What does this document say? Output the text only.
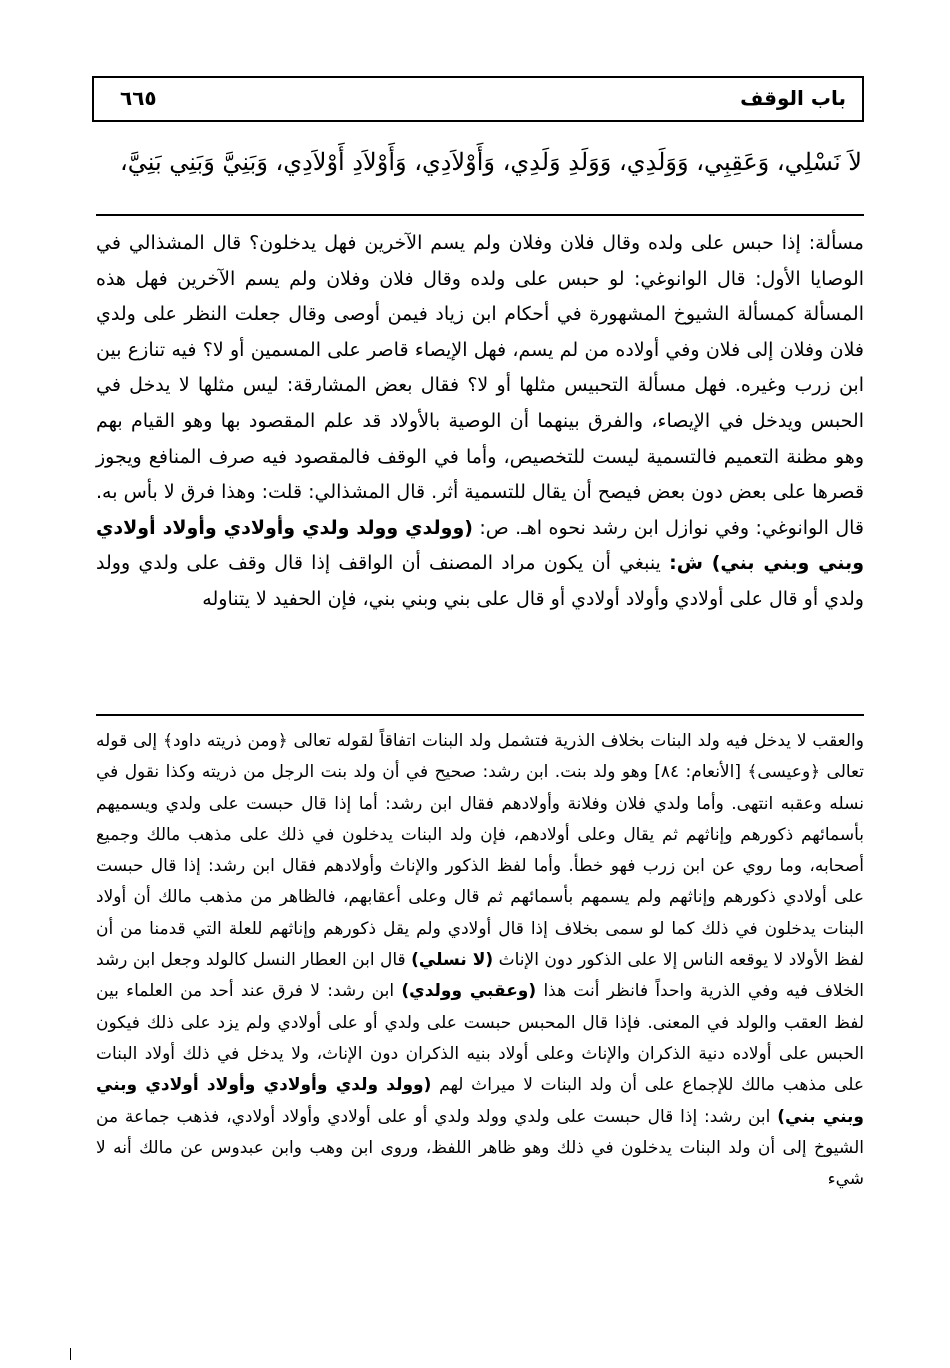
باب الوقف
٦٦٥
لاَ نَسْلِي، وَعَقِبِي، وَوَلَدِي، وَوَلَدِ وَلَدِي، وَأَوْلاَدِي، وَأَوْلاَدِ أَوْلاَدِي، وَبَنِيَّ وَبَنِي بَنِيَّ،
مسألة: إذا حبس على ولده وقال فلان وفلان ولم يسم الآخرين فهل يدخلون؟ قال المشذالي في الوصايا الأول: قال الوانوغي: لو حبس على ولده وقال فلان وفلان ولم يسم الآخرين فهل هذه المسألة كمسألة الشيوخ المشهورة في أحكام ابن زياد فيمن أوصى وقال جعلت النظر على ولدي فلان وفلان إلى فلان وفي أولاده من لم يسم، فهل الإيصاء قاصر على المسمين أو لا؟ فيه تنازع بين ابن زرب وغيره. فهل مسألة التحبيس مثلها أو لا؟ فقال بعض المشارقة: ليس مثلها لا يدخل في الحبس ويدخل في الإيصاء، والفرق بينهما أن الوصية بالأولاد قد علم المقصود بها وهو القيام بهم وهو مظنة التعميم فالتسمية ليست للتخصيص، وأما في الوقف فالمقصود فيه صرف المنافع ويجوز قصرها على بعض دون بعض فيصح أن يقال للتسمية أثر. قال المشذالي: قلت: وهذا فرق لا بأس به. قال الوانوغي: وفي نوازل ابن رشد نحوه اهـ. ص: (وولدي وولد ولدي وأولادي وأولاد أولادي وبني وبني بني) ش: ينبغي أن يكون مراد المصنف أن الواقف إذا قال وقف على ولدي وولد ولدي أو قال على أولادي وأولاد أولادي أو قال على بني وبني بني، فإن الحفيد لا يتناوله
والعقب لا يدخل فيه ولد البنات بخلاف الذرية فتشمل ولد البنات اتفاقاً لقوله تعالى ﴿ومن ذريته داود﴾ إلى قوله تعالى ﴿وعيسى﴾ [الأنعام: ٨٤] وهو ولد بنت. ابن رشد: صحيح في أن ولد بنت الرجل من ذريته وكذا نقول في نسله وعقبه انتهى. وأما ولدي فلان وفلانة وأولادهم فقال ابن رشد: أما إذا قال حبست على ولدي ويسميهم بأسمائهم ذكورهم وإناثهم ثم يقال وعلى أولادهم، فإن ولد البنات يدخلون في ذلك على مذهب مالك وجميع أصحابه، وما روي عن ابن زرب فهو خطأ. وأما لفظ الذكور والإناث وأولادهم فقال ابن رشد: إذا قال حبست على أولادي ذكورهم وإناثهم ولم يسمهم بأسمائهم ثم قال وعلى أعقابهم، فالظاهر من مذهب مالك أن أولاد البنات يدخلون في ذلك كما لو سمى بخلاف إذا قال أولادي ولم يقل ذكورهم وإناثهم للعلة التي قدمنا من أن لفظ الأولاد لا يوقعه الناس إلا على الذكور دون الإناث (لا نسلي) قال ابن العطار النسل كالولد وجعل ابن رشد الخلاف فيه وفي الذرية واحداً فانظر أنت هذا (وعقبي وولدي) ابن رشد: لا فرق عند أحد من العلماء بين لفظ العقب والولد في المعنى. فإذا قال المحبس حبست على ولدي أو على أولادي ولم يزد على ذلك فيكون الحبس على أولاده دنية الذكران والإناث وعلى أولاد بنيه الذكران دون الإناث، ولا يدخل في ذلك أولاد البنات على مذهب مالك للإجماع على أن ولد البنات لا ميراث لهم (وولد ولدي وأولادي وأولاد أولادي وبني وبني بني) ابن رشد: إذا قال حبست على ولدي وولد ولدي أو على أولادي وأولاد أولادي، فذهب جماعة من الشيوخ إلى أن ولد البنات يدخلون في ذلك وهو ظاهر اللفظ، وروى ابن وهب وابن عبدوس عن مالك أنه لا شيء
